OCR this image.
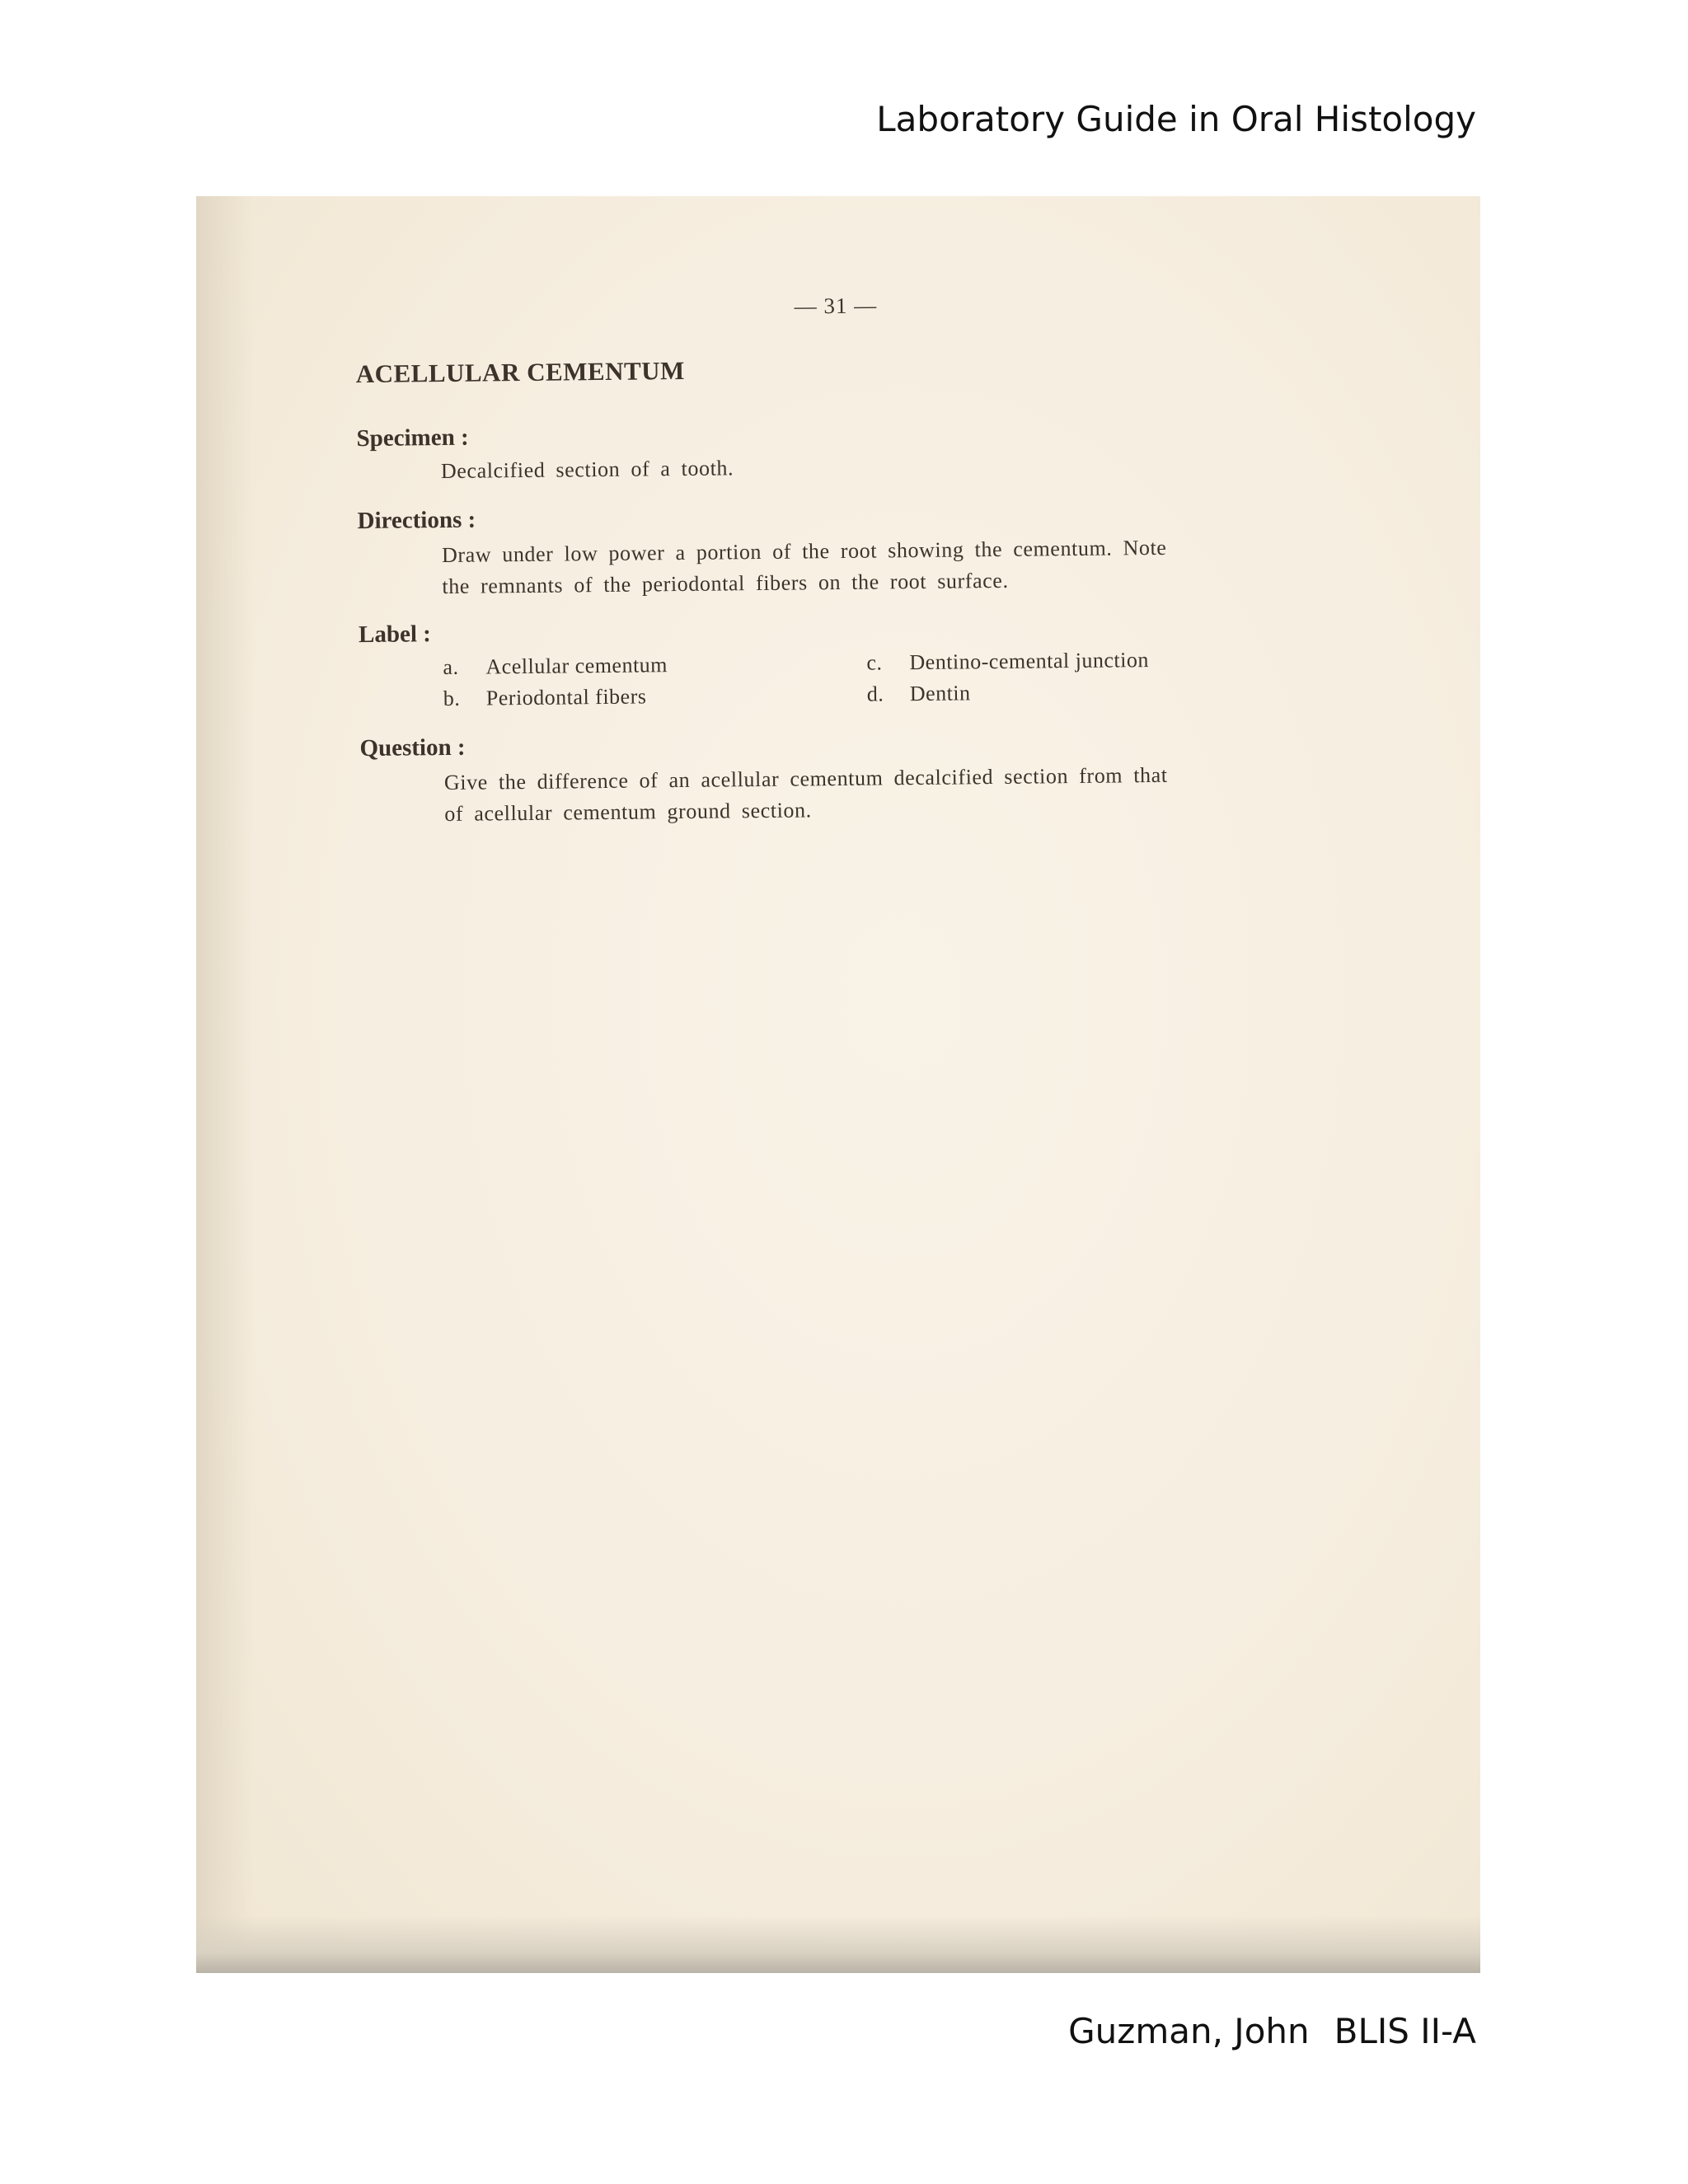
Laboratory Guide in Oral Histology
— 31 —
ACELLULAR CEMENTUM
Specimen :
Decalcified section of a tooth.
Directions :
Draw under low power a portion of the root showing the cementum. Note
the remnants of the periodontal fibers on the root surface.
Label :
a. Acellular cementum
b. Periodontal fibers
c. Dentino-cemental junction
d. Dentin
Question :
Give the difference of an acellular cementum decalcified section from that
of acellular cementum ground section.
Guzman, John BLIS II-A
